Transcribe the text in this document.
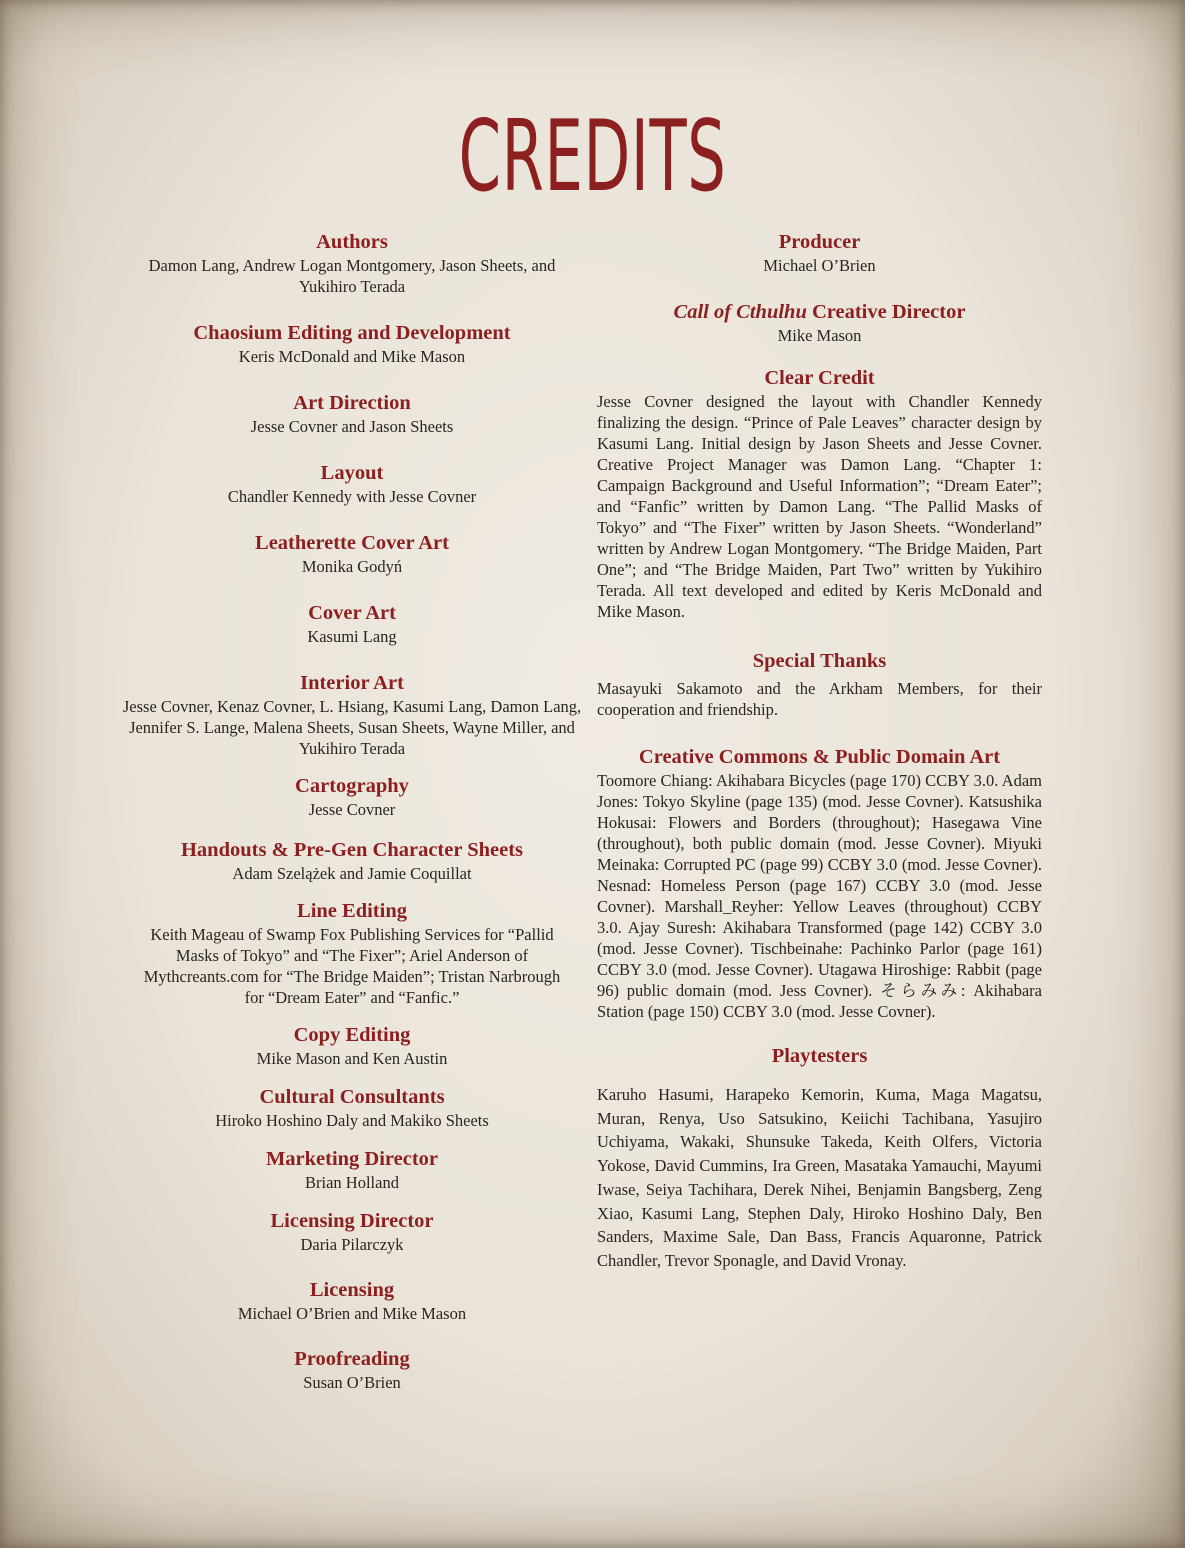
CREDITS

Authors

Damon Lang, Andrew Logan Montgomery, Jason Sheets, and Yukihiro Terada

Chaosium Editing and Development

Keris McDonald and Mike Mason

Art Direction

Jesse Covner and Jason Sheets

Layout

Chandler Kennedy with Jesse Covner

Leatherette Cover Art

Monika Godyń

Cover Art

Kasumi Lang

Interior Art

Jesse Covner, Kenaz Covner, L. Hsiang, Kasumi Lang, Damon Lang, Jennifer S. Lange, Malena Sheets, Susan Sheets, Wayne Miller, and Yukihiro Terada

Cartography

Jesse Covner

Handouts & Pre-Gen Character Sheets

Adam Szelążek and Jamie Coquillat

Line Editing

Keith Mageau of Swamp Fox Publishing Services for “Pallid Masks of Tokyo” and “The Fixer”; Ariel Anderson of Mythcreants.com for “The Bridge Maiden”; Tristan Narbrough for “Dream Eater” and “Fanfic.”

Copy Editing

Mike Mason and Ken Austin

Cultural Consultants

Hiroko Hoshino Daly and Makiko Sheets

Marketing Director

Brian Holland

Licensing Director

Daria Pilarczyk

Licensing

Michael O’Brien and Mike Mason

Proofreading

Susan O’Brien

Producer

Michael O’Brien

Call of Cthulhu Creative Director

Mike Mason

Clear Credit

Jesse Covner designed the layout with Chandler Kennedy finalizing the design. “Prince of Pale Leaves” character design by Kasumi Lang. Initial design by Jason Sheets and Jesse Covner. Creative Project Manager was Damon Lang. “Chapter 1: Campaign Background and Useful Information”; “Dream Eater”; and “Fanfic” written by Damon Lang. “The Pallid Masks of Tokyo” and “The Fixer” written by Jason Sheets. “Wonderland” written by Andrew Logan Montgomery. “The Bridge Maiden, Part One”; and “The Bridge Maiden, Part Two” written by Yukihiro Terada. All text developed and edited by Keris McDonald and Mike Mason.

Special Thanks

Masayuki Sakamoto and the Arkham Members, for their cooperation and friendship.

Creative Commons & Public Domain Art

Toomore Chiang: Akihabara Bicycles (page 170) CCBY 3.0. Adam Jones: Tokyo Skyline (page 135) (mod. Jesse Covner). Katsushika Hokusai: Flowers and Borders (throughout); Hasegawa Vine (throughout), both public domain (mod. Jesse Covner). Miyuki Meinaka: Corrupted PC (page 99) CCBY 3.0 (mod. Jesse Covner). Nesnad: Homeless Person (page 167) CCBY 3.0 (mod. Jesse Covner). Marshall_Reyher: Yellow Leaves (throughout) CCBY 3.0. Ajay Suresh: Akihabara Transformed (page 142) CCBY 3.0 (mod. Jesse Covner). Tischbeinahe: Pachinko Parlor (page 161) CCBY 3.0 (mod. Jesse Covner). Utagawa Hiroshige: Rabbit (page 96) public domain (mod. Jess Covner). そらみみ: Akihabara Station (page 150) CCBY 3.0 (mod. Jesse Covner).

Playtesters

Karuho Hasumi, Harapeko Kemorin, Kuma, Maga Magatsu, Muran, Renya, Uso Satsukino, Keiichi Tachibana, Yasujiro Uchiyama, Wakaki, Shunsuke Takeda, Keith Olfers, Victoria Yokose, David Cummins, Ira Green, Masataka Yamauchi, Mayumi Iwase, Seiya Tachihara, Derek Nihei, Benjamin Bangsberg, Zeng Xiao, Kasumi Lang, Stephen Daly, Hiroko Hoshino Daly, Ben Sanders, Maxime Sale, Dan Bass, Francis Aquaronne, Patrick Chandler, Trevor Sponagle, and David Vronay.
